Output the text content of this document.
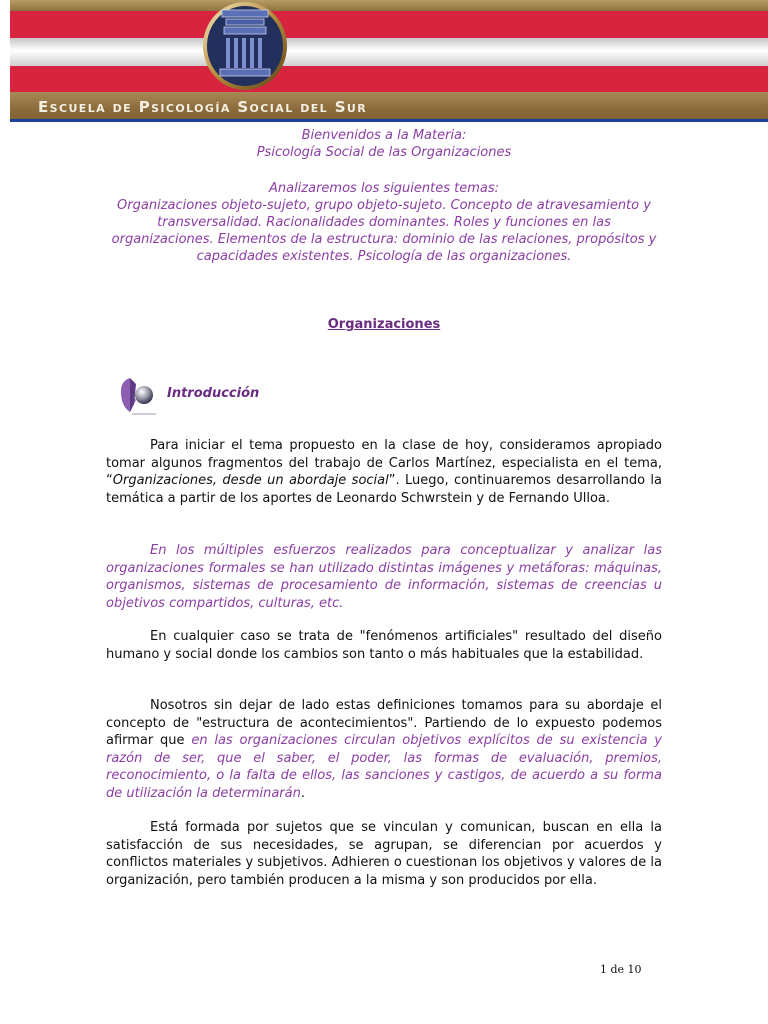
Escuela de Psicología Social del Sur

Bienvenidos a la Materia:

Psicología Social de las Organizaciones

Analizaremos los siguientes temas:

Organizaciones objeto-sujeto, grupo objeto-sujeto. Concepto de atravesamiento y transversalidad. Racionalidades dominantes. Roles y funciones en las organizaciones. Elementos de la estructura: dominio de las relaciones, propósitos y capacidades existentes. Psicología de las organizaciones.

Organizaciones

Introducción

Para iniciar el tema propuesto en la clase de hoy, consideramos apropiado tomar algunos fragmentos del trabajo de Carlos Martínez, especialista en el tema, “Organizaciones, desde un abordaje social”. Luego, continuaremos desarrollando la temática a partir de los aportes de Leonardo Schwrstein y de Fernando Ulloa.

En los múltiples esfuerzos realizados para conceptualizar y analizar las organizaciones formales se han utilizado distintas imágenes y metáforas: máquinas, organismos, sistemas de procesamiento de información, sistemas de creencias u objetivos compartidos, culturas, etc.

En cualquier caso se trata de "fenómenos artificiales" resultado del diseño humano y social donde los cambios son tanto o más habituales que la estabilidad.

Nosotros sin dejar de lado estas definiciones tomamos para su abordaje el concepto de "estructura de acontecimientos". Partiendo de lo expuesto podemos afirmar que en las organizaciones circulan objetivos explícitos de su existencia y razón de ser, que el saber, el poder, las formas de evaluación, premios, reconocimiento, o la falta de ellos, las sanciones y castigos, de acuerdo a su forma de utilización la determinarán.

Está formada por sujetos que se vinculan y comunican, buscan en ella la satisfacción de sus necesidades, se agrupan, se diferencian por acuerdos y conflictos materiales y subjetivos. Adhieren o cuestionan los objetivos y valores de la organización, pero también producen a la misma y son producidos por ella.

1 de 10
